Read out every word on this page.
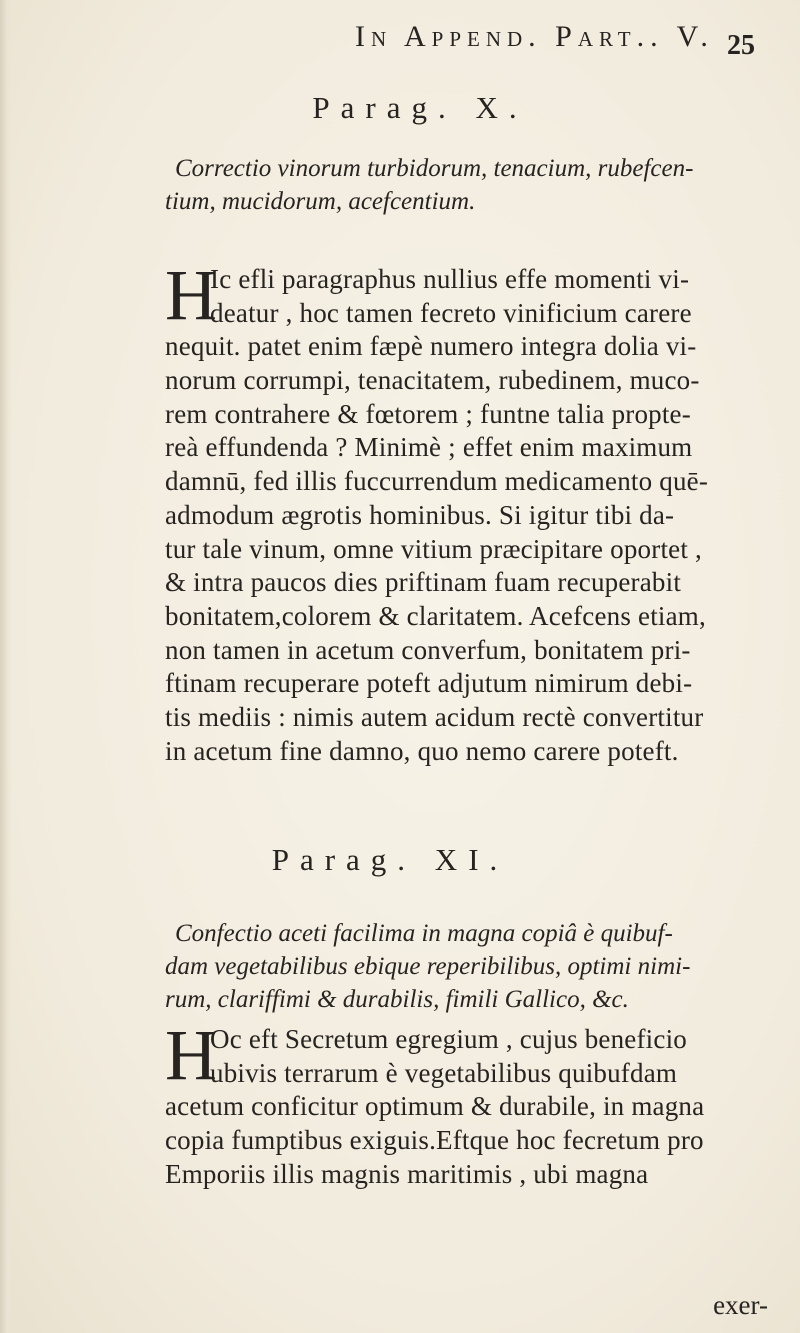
In Append. Part.. V. 25
Parag. X.
Correctio vinorum turbidorum, tenacium, rubefcen-
tium, mucidorum, acefcentium.
H
Ic efli paragraphus nullius effe momenti vi-
deatur , hoc tamen fecreto vinificium carere
nequit. patet enim fæpè numero integra dolia vi-
norum corrumpi, tenacitatem, rubedinem, muco-
rem contrahere & fœtorem ; funtne talia propte-
reà effundenda ? Minimè ; effet enim maximum
damnū, fed illis fuccurrendum medicamento quē-
admodum ægrotis hominibus. Si igitur tibi da-
tur tale vinum, omne vitium præcipitare oportet ,
& intra paucos dies priftinam fuam recuperabit
bonitatem,colorem & claritatem. Acefcens etiam,
non tamen in acetum converfum, bonitatem pri-
ftinam recuperare poteft adjutum nimirum debi-
tis mediis : nimis autem acidum rectè convertitur
in acetum fine damno, quo nemo carere poteft.
Parag. XI.
Confectio aceti facilima in magna copiâ è quibuf-
dam vegetabilibus ebique reperibilibus, optimi nimi-
rum, clariffimi & durabilis, fimili Gallico, &c.
H
Oc eft Secretum egregium , cujus beneficio
ubivis terrarum è vegetabilibus quibufdam
acetum conficitur optimum & durabile, in magna
copia fumptibus exiguis.Eftque hoc fecretum pro
Emporiis illis magnis maritimis , ubi magna
exer-
